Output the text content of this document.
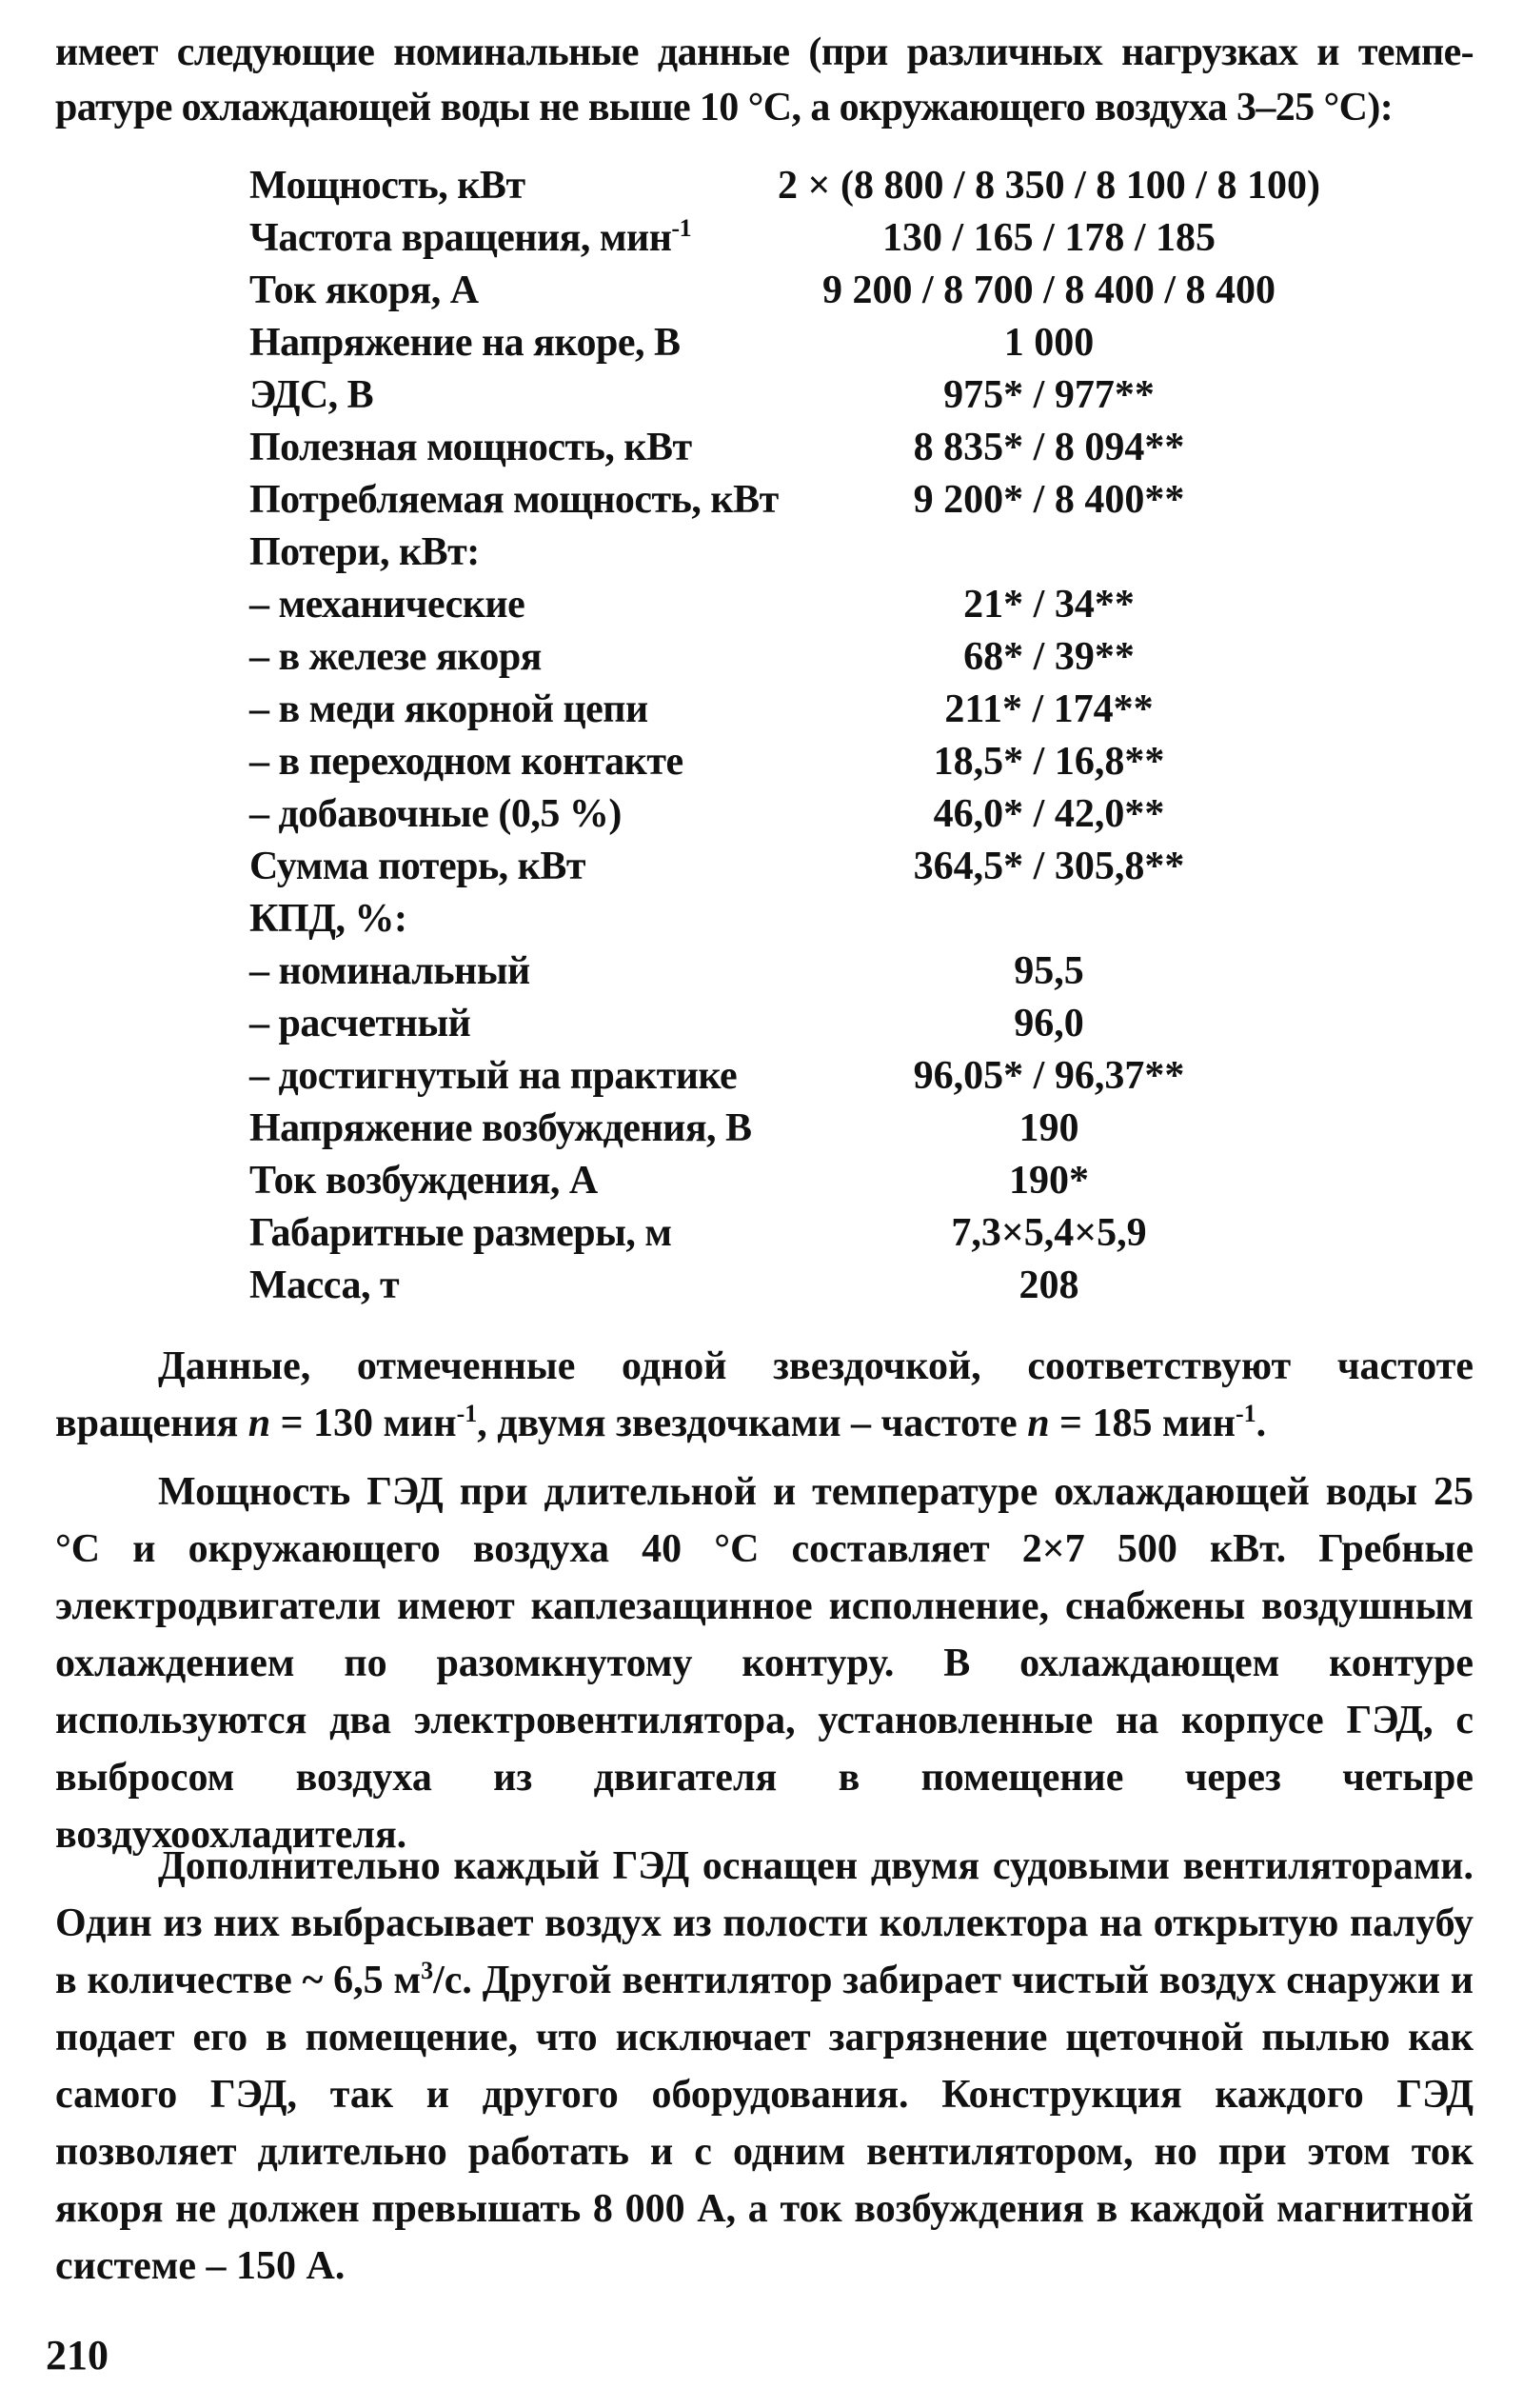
имеет следующие номинальные данные (при различных нагрузках и темпе-
ратуре охлаждающей воды не выше 10 °С, а окружающего воздуха 3–25 °С):
Мощность, кВт	2 × (8 800 / 8 350 / 8 100 / 8 100)
Частота вращения, мин$^{-1}$	130 / 165 / 178 / 185
Ток якоря, А	9 200 / 8 700 / 8 400 / 8 400
Напряжение на якоре, В	1 000
ЭДС, В	975* / 977**
Полезная мощность, кВт	8 835* / 8 094**
Потребляемая мощность, кВт	9 200* / 8 400**
Потери, кВт:
– механические	21* / 34**
– в железе якоря	68* / 39**
– в меди якорной цепи	211* / 174**
– в переходном контакте	18,5* / 16,8**
– добавочные (0,5 %)	46,0* / 42,0**
Сумма потерь, кВт	364,5* / 305,8**
КПД, %:
– номинальный	95,5
– расчетный	96,0
– достигнутый на практике	96,05* / 96,37**
Напряжение возбуждения, В	190
Ток возбуждения, А	190*
Габаритные размеры, м	7,3×5,4×5,9
Масса, т	208

Данные, отмеченные одной звездочкой, соответствуют частоте вращения n = 130 мин$^{-1}$, двумя звездочками – частоте n = 185 мин$^{-1}$.

Мощность ГЭД при длительной и температуре охлаждающей воды 25 °С и окружающего воздуха 40 °С составляет 2×7 500 кВт. Гребные электродвигатели имеют каплезащинное исполнение, снабжены воздушным охлаждением по разомкнутому контуру. В охлаждающем контуре используются два электровентилятора, установленные на корпусе ГЭД, с выбросом воздуха из двигателя в помещение через четыре воздухоохладителя.

Дополнительно каждый ГЭД оснащен двумя судовыми вентиляторами. Один из них выбрасывает воздух из полости коллектора на открытую палубу в количестве ~ 6,5 $м^3/с$. Другой вентилятор забирает чистый воздух снаружи и подает его в помещение, что исключает загрязнение щеточной пылью как самого ГЭД, так и другого оборудования. Конструкция каждого ГЭД позволяет длительно работать и с одним вентилятором, но при этом ток якоря не должен превышать 8 000 А, а ток возбуждения в каждой магнитной системе – 150 А.

210
